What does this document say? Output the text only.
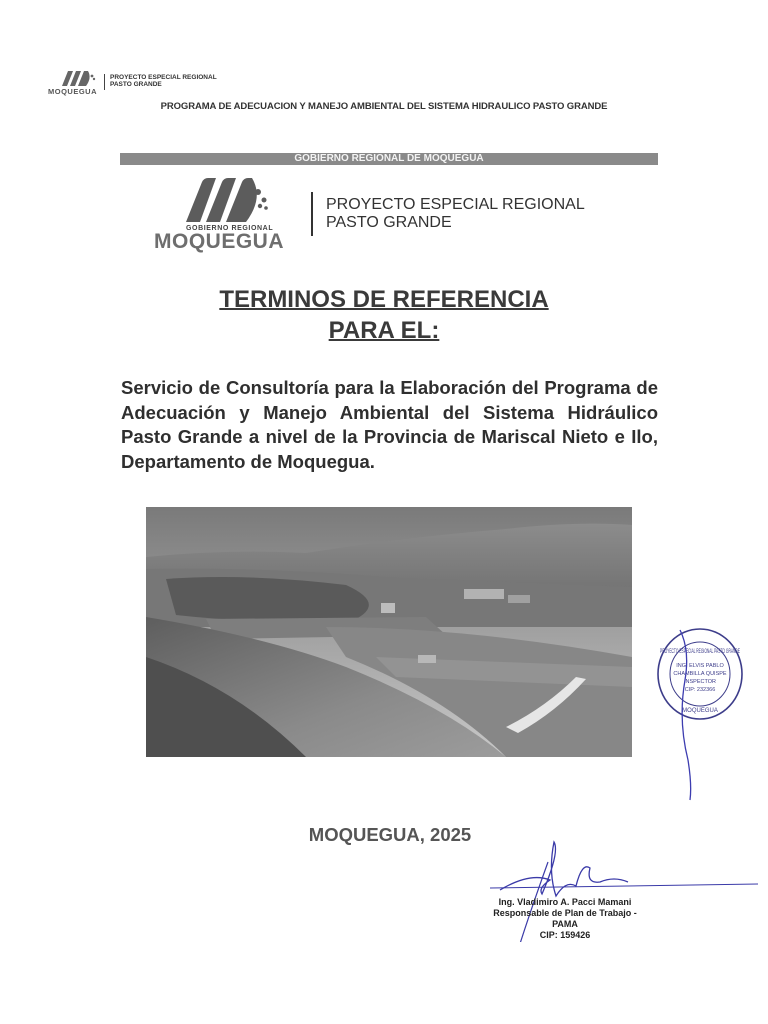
MOQUEGUA
PROYECTO ESPECIAL REGIONAL
PASTO GRANDE
PROGRAMA DE ADECUACION Y MANEJO AMBIENTAL DEL SISTEMA HIDRAULICO PASTO GRANDE
GOBIERNO REGIONAL DE MOQUEGUA
GOBIERNO REGIONAL
MOQUEGUA
PROYECTO ESPECIAL REGIONAL
PASTO GRANDE
TERMINOS DE REFERENCIA
PARA EL:
Servicio de Consultoría para la Elaboración del Programa de Adecuación y Manejo Ambiental del Sistema Hidráulico Pasto Grande a nivel de la Provincia de Mariscal Nieto e Ilo, Departamento de Moquegua.
PROYECTO ESPECIAL REGIONAL PASTO GRANDE
ING. ELVIS PABLO
CHAMBILLA QUISPE
INSPECTOR
CIP: 232366
MOQUEGUA
MOQUEGUA, 2025
Ing. Vladimiro A. Pacci Mamani
Responsable de Plan de Trabajo -
PAMA
CIP: 159426
